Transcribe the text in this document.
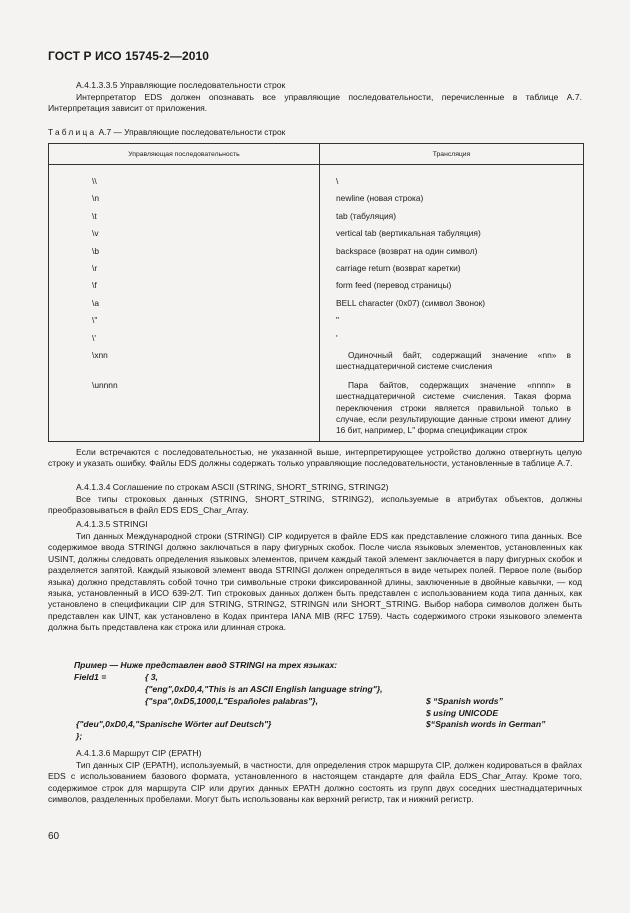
ГОСТ Р ИСО 15745-2—2010
А.4.1.3.3.5 Управляющие последовательности строк
Интерпретатор EDS должен опознавать все управляющие последовательности, перечисленные в таблице А.7. Интерпретация зависит от приложения.
Таблица А.7 — Управляющие последовательности строк
Управляющая последовательность	Трансляция

\\	\
\n	newline (новая строка)
\t	tab (табуляция)
\v	vertical tab (вертикальная табуляция)
\b	backspace (возврат на один символ)
\r	carriage return (возврат каретки)
\f	form feed (перевод страницы)
\a	BELL character (0x07) (символ Звонок)
\"	"
\'	'
\xnn	Одиночный байт, содержащий значение «nn» в шестнадцатеричной системе счисления

\unnnn	Пара байтов, содержащих значение «nnnn» в шестнадцатеричной системе счисления. Такая форма переключения строки является правильной только в случае, если результирующие данные строки имеют длину 16 бит, например, L" форма спецификации строк
Если встречаются с последовательностью, не указанной выше, интерпретирующее устройство должно отвергнуть целую строку и указать ошибку. Файлы EDS должны содержать только управляющие последовательности, установленные в таблице А.7.
А.4.1.3.4 Соглашение по строкам ASCII (STRING, SHORT_STRING, STRING2)
Все типы строковых данных (STRING, SHORT_STRING, STRING2), используемые в атрибутах объектов, должны преобразовываться в файл EDS EDS_Char_Array.
А.4.1.3.5 STRINGI
Тип данных Международной строки (STRINGI) CIP кодируется в файле EDS как представление сложного типа данных. Все содержимое ввода STRINGI должно заключаться в пару фигурных скобок. После числа языковых элементов, установленных как USINT, должны следовать определения языковых элементов, причем каждый такой элемент заключается в пару фигурных скобок и разделяется запятой. Каждый языковой элемент ввода STRINGI должен определяться в виде четырех полей. Первое поле (выбор языка) должно представлять собой точно три символьные строки фиксированной длины, заключенные в двойные кавычки, — код языка, установленный в ИСО 639-2/Т. Тип строковых данных должен быть представлен с использованием кода типа данных, как установлено в спецификации CIP для STRING, STRING2, STRINGN или SHORT_STRING. Выбор набора символов должен быть представлен как UINT, как установлено в Кодах принтера IANA MIB (RFC 1759). Часть содержимого строки языкового элемента должна быть представлена как строка или длинная строка.
Пример — Ниже представлен ввод STRINGI на трех языках:
Field1 =	{ 3,
{"eng",0xD0,4,"This is an ASCII English language string"},
{"spa",0xD5,1000,L"Españoles palabras"},	$ “Spanish words”
$ using UNICODE
{"deu",0xD0,4,"Spanische Wörter auf Deutsch"}	$“Spanish words in German”
};
А.4.1.3.6 Маршрут CIP (EPATH)
Тип данных CIP (EPATH), используемый, в частности, для определения строк маршрута CIP, должен кодироваться в файлах EDS с использованием базового формата, установленного в настоящем стандарте для файла EDS_Char_Array. Кроме того, содержимое строк для маршрута CIP или других данных EPATH должно состоять из групп двух соседних шестнадцатеричных символов, разделенных пробелами. Могут быть использованы как верхний регистр, так и нижний регистр.
60
